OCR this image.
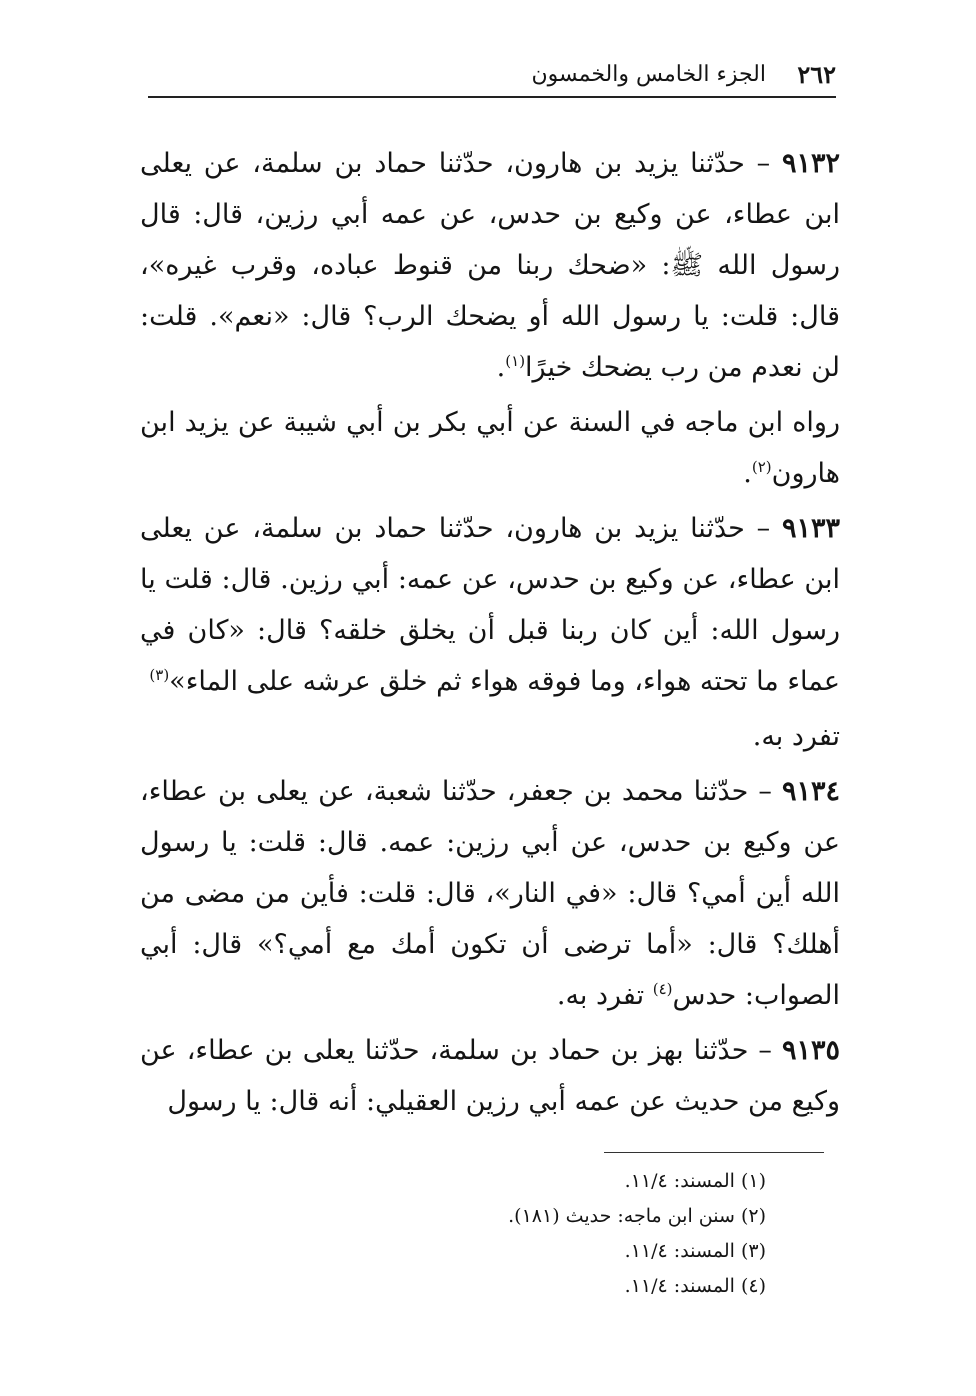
٢٦٢
الجزء الخامس والخمسون

٩١٣٢ – حدّثنا يزيد بن هارون، حدّثنا حماد بن سلمة، عن يعلى ابن عطاء، عن وكيع بن حدس، عن عمه أبي رزين، قال: قال رسول الله ﷺ: «ضحك ربنا من قنوط عباده، وقرب غيره»، قال: قلت: يا رسول الله أو يضحك الرب؟ قال: «نعم». قلت: لن نعدم من رب يضحك خيرًا$^{(١)}$.

رواه ابن ماجه في السنة عن أبي بكر بن أبي شيبة عن يزيد ابن هارون$^{(٢)}$.

٩١٣٣ – حدّثنا يزيد بن هارون، حدّثنا حماد بن سلمة، عن يعلى ابن عطاء، عن وكيع بن حدس، عن عمه: أبي رزين. قال: قلت يا رسول الله: أين كان ربنا قبل أن يخلق خلقه؟ قال: «كان في عماء ما تحته هواء، وما فوقه هواء ثم خلق عرشه على الماء»$^{(٣)}$

تفرد به.

٩١٣٤ – حدّثنا محمد بن جعفر، حدّثنا شعبة، عن يعلى بن عطاء، عن وكيع بن حدس، عن أبي رزين: عمه. قال: قلت: يا رسول الله أين أمي؟ قال: «في النار»، قال: قلت: فأين من مضى من أهلك؟ قال: «أما ترضى أن تكون أمك مع أمي؟» قال: أبي الصواب: حدس$^{(٤)}$ تفرد به.

٩١٣٥ – حدّثنا بهز بن حماد بن سلمة، حدّثنا يعلى بن عطاء، عن وكيع من حديث عن عمه أبي رزين العقيلي: أنه قال: يا رسول

(١) المسند: ١١/٤.
(٢) سنن ابن ماجه: حديث (١٨١).
(٣) المسند: ١١/٤.
(٤) المسند: ١١/٤.
